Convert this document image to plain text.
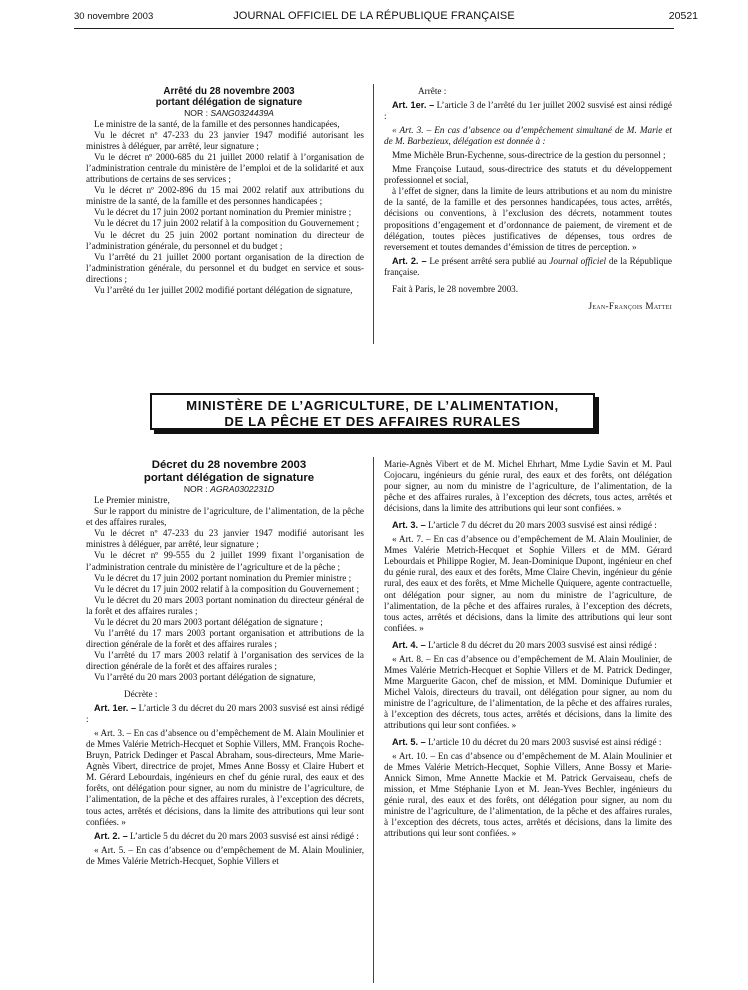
30 novembre 2003	JOURNAL OFFICIEL DE LA RÉPUBLIQUE FRANÇAISE	20521

Arrêté du 28 novembre 2003

portant délégation de signature

NOR : SANG0324439A

Le ministre de la santé, de la famille et des personnes handicapées,

Vu le décret nº 47-233 du 23 janvier 1947 modifié autorisant les ministres à déléguer, par arrêté, leur signature ;

Vu le décret nº 2000-685 du 21 juillet 2000 relatif à l’organisation de l’administration centrale du ministère de l’emploi et de la solidarité et aux attributions de certains de ses services ;

Vu le décret nº 2002-896 du 15 mai 2002 relatif aux attributions du ministre de la santé, de la famille et des personnes handicapées ;

Vu le décret du 17 juin 2002 portant nomination du Premier ministre ;

Vu le décret du 17 juin 2002 relatif à la composition du Gouvernement ;

Vu le décret du 25 juin 2002 portant nomination du directeur de l’administration générale, du personnel et du budget ;

Vu l’arrêté du 21 juillet 2000 portant organisation de la direction de l’administration générale, du personnel et du budget en service et sous-directions ;

Vu l’arrêté du 1er juillet 2002 modifié portant délégation de signature,

Arrête :

Art. 1er. – L’article 3 de l’arrêté du 1er juillet 2002 susvisé est ainsi rédigé :

« Art. 3. – En cas d’absence ou d’empêchement simultané de M. Marie et de M. Barbezieux, délégation est donnée à :

Mme Michèle Brun-Eychenne, sous-directrice de la gestion du personnel ;

Mme Françoise Lutaud, sous-directrice des statuts et du développement professionnel et social,

à l’effet de signer, dans la limite de leurs attributions et au nom du ministre de la santé, de la famille et des personnes handicapées, tous actes, arrêtés, décisions ou conventions, à l’exclusion des décrets, notamment toutes propositions d’engagement et d’ordonnance de paiement, de virement et de délégation, toutes pièces justificatives de dépenses, tous ordres de reversement et toutes demandes d’émission de titres de perception. »

Art. 2. – Le présent arrêté sera publié au Journal officiel de la République française.

Fait à Paris, le 28 novembre 2003.

Jean-François Mattei

MINISTÈRE DE L’AGRICULTURE, DE L’ALIMENTATION,
DE LA PÊCHE ET DES AFFAIRES RURALES

Décret du 28 novembre 2003

portant délégation de signature

NOR : AGRA0302231D

Le Premier ministre,

Sur le rapport du ministre de l’agriculture, de l’alimentation, de la pêche et des affaires rurales,

Vu le décret nº 47-233 du 23 janvier 1947 modifié autorisant les ministres à déléguer, par arrêté, leur signature ;

Vu le décret nº 99-555 du 2 juillet 1999 fixant l’organisation de l’administration centrale du ministère de l’agriculture et de la pêche ;

Vu le décret du 17 juin 2002 portant nomination du Premier ministre ;

Vu le décret du 17 juin 2002 relatif à la composition du Gouvernement ;

Vu le décret du 20 mars 2003 portant nomination du directeur général de la forêt et des affaires rurales ;

Vu le décret du 20 mars 2003 portant délégation de signature ;

Vu l’arrêté du 17 mars 2003 portant organisation et attributions de la direction générale de la forêt et des affaires rurales ;

Vu l’arrêté du 17 mars 2003 relatif à l’organisation des services de la direction générale de la forêt et des affaires rurales ;

Vu l’arrêté du 20 mars 2003 portant délégation de signature,

Décrète :

Art. 1er. – L’article 3 du décret du 20 mars 2003 susvisé est ainsi rédigé :

« Art. 3. – En cas d’absence ou d’empêchement de M. Alain Moulinier et de Mmes Valérie Metrich-Hecquet et Sophie Villers, MM. François Roche-Bruyn, Patrick Dedinger et Pascal Abraham, sous-directeurs, Mme Marie-Agnès Vibert, directrice de projet, Mmes Anne Bossy et Claire Hubert et M. Gérard Lebourdais, ingénieurs en chef du génie rural, des eaux et des forêts, ont délégation pour signer, au nom du ministre de l’agriculture, de l’alimentation, de la pêche et des affaires rurales, à l’exception des décrets, tous actes, arrêtés et décisions, dans la limite des attributions qui leur sont confiées. »

Art. 2. – L’article 5 du décret du 20 mars 2003 susvisé est ainsi rédigé :

« Art. 5. – En cas d’absence ou d’empêchement de M. Alain Moulinier, de Mmes Valérie Metrich-Hecquet, Sophie Villers et

Marie-Agnès Vibert et de M. Michel Ehrhart, Mme Lydie Savin et M. Paul Cojocaru, ingénieurs du génie rural, des eaux et des forêts, ont délégation pour signer, au nom du ministre de l’agriculture, de l’alimentation, de la pêche et des affaires rurales, à l’exception des décrets, tous actes, arrêtés et décisions, dans la limite des attributions qui leur sont confiées. »

Art. 3. – L’article 7 du décret du 20 mars 2003 susvisé est ainsi rédigé :

« Art. 7. – En cas d’absence ou d’empêchement de M. Alain Moulinier, de Mmes Valérie Metrich-Hecquet et Sophie Villers et de MM. Gérard Lebourdais et Philippe Rogier, M. Jean-Dominique Dupont, ingénieur en chef du génie rural, des eaux et des forêts, Mme Claire Chevin, ingénieur du génie rural, des eaux et des forêts, et Mme Michelle Quiquere, agente contractuelle, ont délégation pour signer, au nom du ministre de l’agriculture, de l’alimentation, de la pêche et des affaires rurales, à l’exception des décrets, tous actes, arrêtés et décisions, dans la limite des attributions qui leur sont confiées. »

Art. 4. – L’article 8 du décret du 20 mars 2003 susvisé est ainsi rédigé :

« Art. 8. – En cas d’absence ou d’empêchement de M. Alain Moulinier, de Mmes Valérie Metrich-Hecquet et Sophie Villers et de M. Patrick Dedinger, Mme Marguerite Gacon, chef de mission, et MM. Dominique Dufumier et Michel Valois, directeurs du travail, ont délégation pour signer, au nom du ministre de l’agriculture, de l’alimentation, de la pêche et des affaires rurales, à l’exception des décrets, tous actes, arrêtés et décisions, dans la limite des attributions qui leur sont confiées. »

Art. 5. – L’article 10 du décret du 20 mars 2003 susvisé est ainsi rédigé :

« Art. 10. – En cas d’absence ou d’empêchement de M. Alain Moulinier et de Mmes Valérie Metrich-Hecquet, Sophie Villers, Anne Bossy et Marie-Annick Simon, Mme Annette Mackie et M. Patrick Gervaiseau, chefs de mission, et Mme Stéphanie Lyon et M. Jean-Yves Bechler, ingénieurs du génie rural, des eaux et des forêts, ont délégation pour signer, au nom du ministre de l’agriculture, de l’alimentation, de la pêche et des affaires rurales, à l’exception des décrets, tous actes, arrêtés et décisions, dans la limite des attributions qui leur sont confiées. »
